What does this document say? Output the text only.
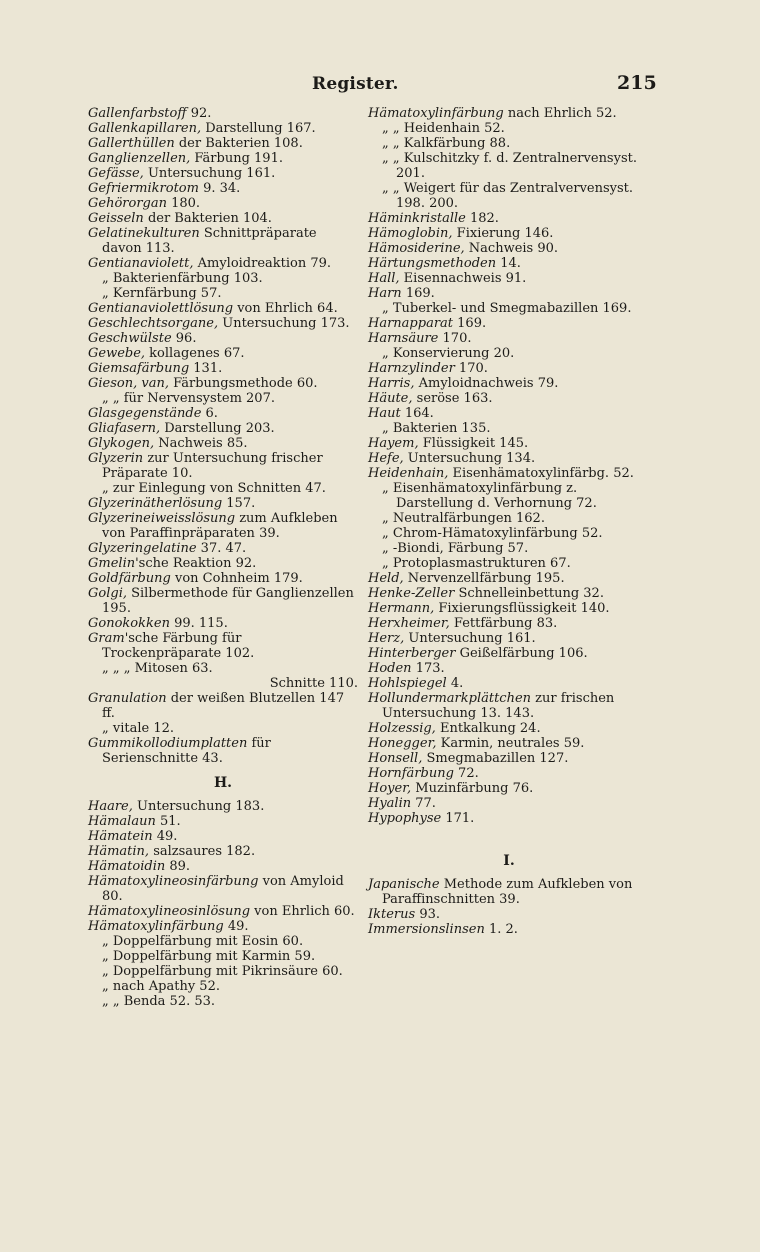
Register.	215
Gallenfarbstoff 92.
Gallenkapillaren, Darstellung 167.
Gallerthüllen der Bakterien 108.
Ganglienzellen, Färbung 191.
Gefässe, Untersuchung 161.
Gefriermikrotom 9. 34.
Gehörorgan 180.
Geisseln der Bakterien 104.
Gelatinekulturen Schnittpräparate davon 113.
Gentianaviolett, Amyloidreaktion 79.
„ Bakterienfärbung 103.
„ Kernfärbung 57.
Gentianaviolettlösung von Ehrlich 64.
Geschlechtsorgane, Untersuchung 173.
Geschwülste 96.
Gewebe, kollagenes 67.
Giemsafärbung 131.
Gieson, van, Färbungsmethode 60.
„ „ für Nervensystem 207.
Glasgegenstände 6.
Gliafasern, Darstellung 203.
Glykogen, Nachweis 85.
Glyzerin zur Untersuchung frischer Präparate 10.
„ zur Einlegung von Schnitten 47.
Glyzerinätherlösung 157.
Glyzerineiweisslösung zum Aufkleben von Paraffinpräparaten 39.
Glyzeringelatine 37. 47.
Gmelin'sche Reaktion 92.
Goldfärbung von Cohnheim 179.
Golgi, Silbermethode für Ganglienzellen 195.
Gonokokken 99. 115.
Gram'sche Färbung für Trockenpräparate 102.
„ „ „ Mitosen 63.
Schnitte 110.
Granulation der weißen Blutzellen 147 ff.
„ vitale 12.
Gummikollodiumplatten für Serienschnitte 43.
H.
Haare, Untersuchung 183.
Hämalaun 51.
Hämatein 49.
Hämatin, salzsaures 182.
Hämatoidin 89.
Hämatoxylineosinfärbung von Amyloid 80.
Hämatoxylineosinlösung von Ehrlich 60.
Hämatoxylinfärbung 49.
„ Doppelfärbung mit Eosin 60.
„ Doppelfärbung mit Karmin 59.
„ Doppelfärbung mit Pikrinsäure 60.
„ nach Apathy 52.
„ „ Benda 52. 53.
Hämatoxylinfärbung nach Ehrlich 52.
„ „ Heidenhain 52.
„ „ Kalkfärbung 88.
„ „ Kulschitzky f. d. Zentralnervensyst. 201.
„ „ Weigert für das Zentralvervensyst. 198. 200.
Häminkristalle 182.
Hämoglobin, Fixierung 146.
Hämosiderine, Nachweis 90.
Härtungsmethoden 14.
Hall, Eisennachweis 91.
Harn 169.
„ Tuberkel- und Smegmabazillen 169.
Harnapparat 169.
Harnsäure 170.
„ Konservierung 20.
Harnzylinder 170.
Harris, Amyloidnachweis 79.
Häute, seröse 163.
Haut 164.
„ Bakterien 135.
Hayem, Flüssigkeit 145.
Hefe, Untersuchung 134.
Heidenhain, Eisenhämatoxylinfärbg. 52.
„ Eisenhämatoxylinfärbung z. Darstellung d. Verhornung 72.
„ Neutralfärbungen 162.
„ Chrom-Hämatoxylinfärbung 52.
„ -Biondi, Färbung 57.
„ Protoplasmastrukturen 67.
Held, Nervenzellfärbung 195.
Henke-Zeller Schnelleinbettung 32.
Hermann, Fixierungsflüssigkeit 140.
Herxheimer, Fettfärbung 83.
Herz, Untersuchung 161.
Hinterberger Geißelfärbung 106.
Hoden 173.
Hohlspiegel 4.
Hollundermarkplättchen zur frischen Untersuchung 13. 143.
Holzessig, Entkalkung 24.
Honegger, Karmin, neutrales 59.
Honsell, Smegmabazillen 127.
Hornfärbung 72.
Hoyer, Muzinfärbung 76.
Hyalin 77.
Hypophyse 171.
I.
Japanische Methode zum Aufkleben von Paraffinschnitten 39.
Ikterus 93.
Immersionslinsen 1. 2.
